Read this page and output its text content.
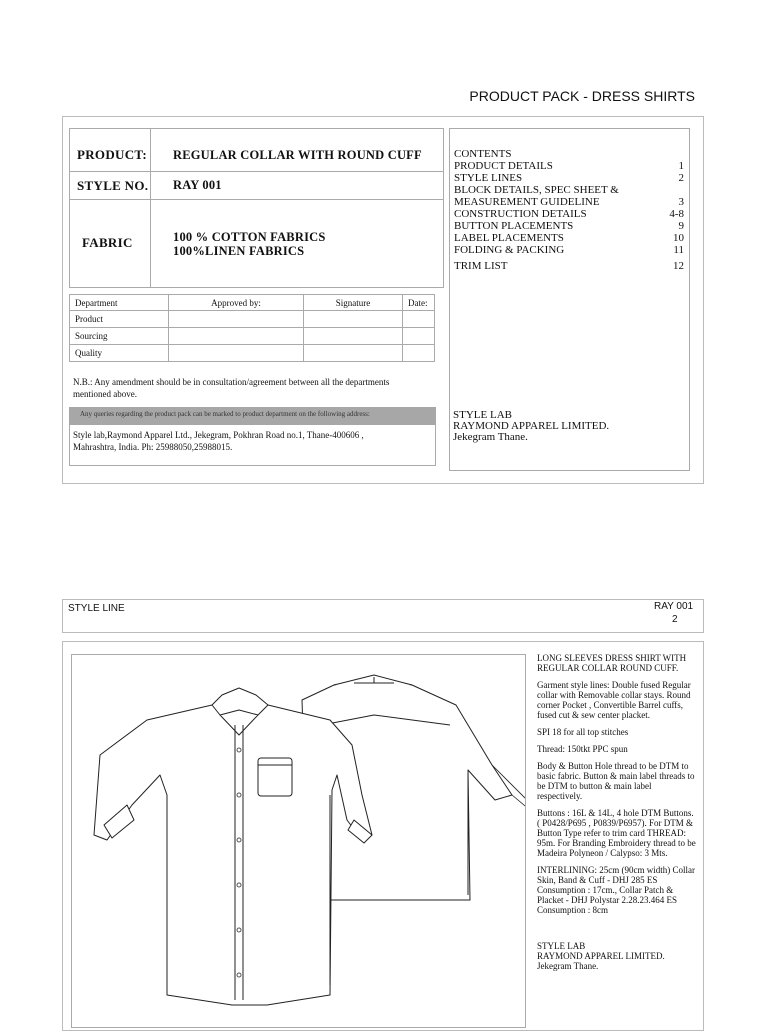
PRODUCT PACK - DRESS SHIRTS
PRODUCT: REGULAR COLLAR WITH ROUND CUFF
STYLE NO. RAY 001
FABRIC	100 % COTTON FABRICS
100%LINEN FABRICS
CONTENTS
PRODUCT DETAILS	1
STYLE LINES	2
BLOCK DETAILS, SPEC SHEET &
MEASUREMENT GUIDELINE	3
CONSTRUCTION DETAILS	4-8
BUTTON PLACEMENTS	9
LABEL PLACEMENTS	10
FOLDING & PACKING	11
TRIM LIST	12
Department	Approved by:	Signature	Date:
Product			
Sourcing			
Quality			
N.B.: Any amendment should be in consultation/agreement between all the departments mentioned above.
Any queries regarding the product pack can be marked to product department on the following address:
Style lab,Raymond Apparel Ltd., Jekegram, Pokhran Road no.1, Thane-400606 , Mahrashtra, India. Ph: 25988050,25988015.
STYLE LAB
RAYMOND APPAREL LIMITED.
Jekegram Thane.
STYLE LINE	RAY 001
2

LONG SLEEVES DRESS SHIRT WITH REGULAR COLLAR ROUND CUFF.

Garment style lines: Double fused Regular collar with Removable collar stays. Round corner Pocket , Convertible Barrel cuffs, fused cut & sew center placket.

SPI 18 for all top stitches

Thread: 150tkt PPC spun

Body & Button Hole thread to be DTM to basic fabric. Button & main label threads to be DTM to button & main label respectively.

Buttons : 16L & 14L, 4 hole DTM Buttons. ( P0428/P695 , P0839/P6957). For DTM & Button Type refer to trim card THREAD: 95m. For Branding Embroidery thread to be Madeira Polyneon / Calypso: 3 Mts.

INTERLINING: 25cm (90cm width) Collar Skin, Band & Cuff - DHJ 285 ES Consumption : 17cm., Collar Patch & Placket - DHJ Polystar 2.28.23.464 ES Consumption : 8cm

STYLE LAB
RAYMOND APPAREL LIMITED.
Jekegram Thane.
